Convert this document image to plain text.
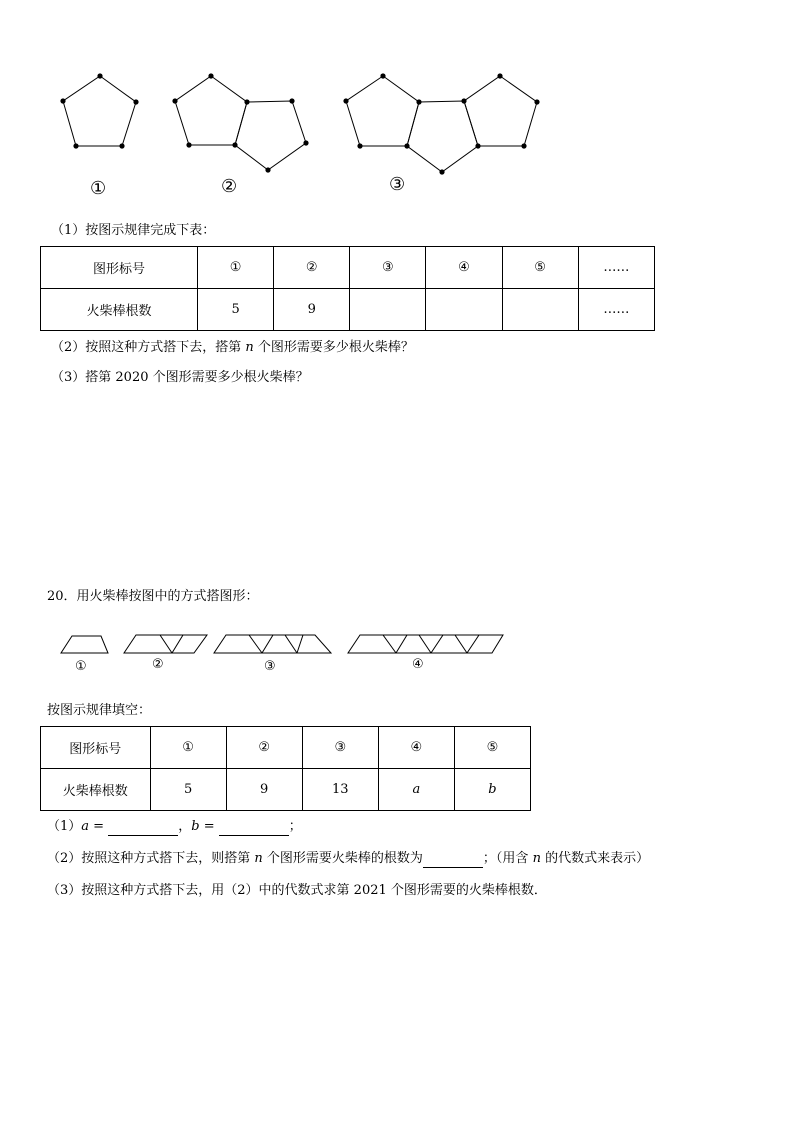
①	②	③
（1）按图示规律完成下表：
图形标号	①	②	③	④	⑤	……
火柴棒根数	5	9				……
（2）按照这种方式搭下去，搭第 n 个图形需要多少根火柴棒？
（3）搭第 2020 个图形需要多少根火柴棒？
20．用火柴棒按图中的方式搭图形：
①	②	③	④
按图示规律填空：
图形标号	①	②	③	④	⑤
火柴棒根数	5	9	13	a	b
（1）a =	，b =	；
（2）按照这种方式搭下去，则搭第 n 个图形需要火柴棒的根数为	；（用含 n 的代数式来表示）
（3）按照这种方式搭下去，用（2）中的代数式求第 2021 个图形需要的火柴棒根数．
